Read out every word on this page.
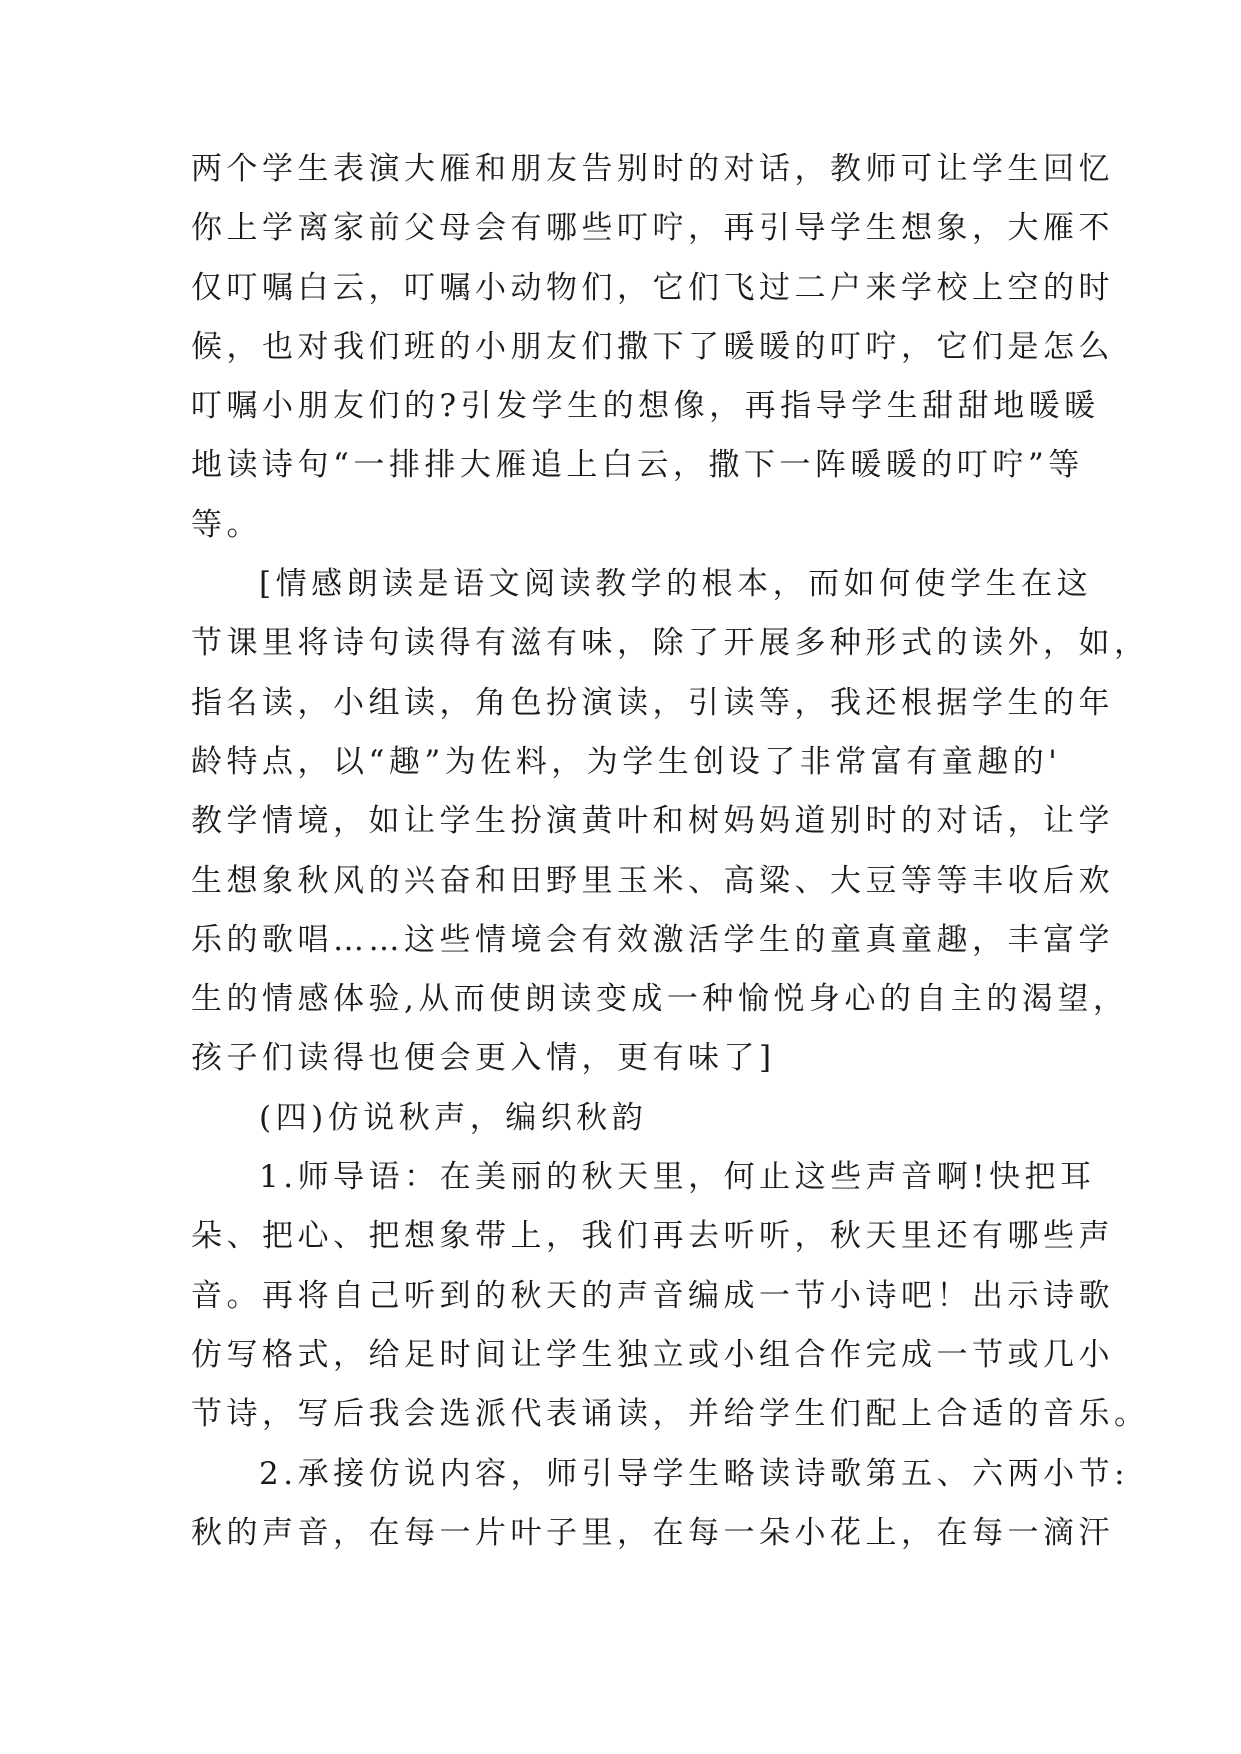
两个学生表演大雁和朋友告别时的对话，教师可让学生回忆
你上学离家前父母会有哪些叮咛，再引导学生想象，大雁不
仅叮嘱白云，叮嘱小动物们，它们飞过二户来学校上空的时
候，也对我们班的小朋友们撒下了暖暖的叮咛，它们是怎么
叮嘱小朋友们的?引发学生的想像，再指导学生甜甜地暖暖
地读诗句“一排排大雁追上白云，撒下一阵暖暖的叮咛”等
等。
[情感朗读是语文阅读教学的根本，而如何使学生在这
节课里将诗句读得有滋有味，除了开展多种形式的读外，如，
指名读，小组读，角色扮演读，引读等，我还根据学生的年
龄特点，以“趣”为佐料，为学生创设了非常富有童趣的'
教学情境，如让学生扮演黄叶和树妈妈道别时的对话，让学
生想象秋风的兴奋和田野里玉米、高粱、大豆等等丰收后欢
乐的歌唱……这些情境会有效激活学生的童真童趣，丰富学
生的情感体验,从而使朗读变成一种愉悦身心的自主的渴望，
孩子们读得也便会更入情，更有味了]
(四)仿说秋声，编织秋韵
1.师导语：在美丽的秋天里，何止这些声音啊!快把耳
朵、把心、把想象带上，我们再去听听，秋天里还有哪些声
音。再将自己听到的秋天的声音编成一节小诗吧！出示诗歌
仿写格式，给足时间让学生独立或小组合作完成一节或几小
节诗，写后我会选派代表诵读，并给学生们配上合适的音乐。
2.承接仿说内容，师引导学生略读诗歌第五、六两小节:
秋的声音，在每一片叶子里，在每一朵小花上，在每一滴汗
